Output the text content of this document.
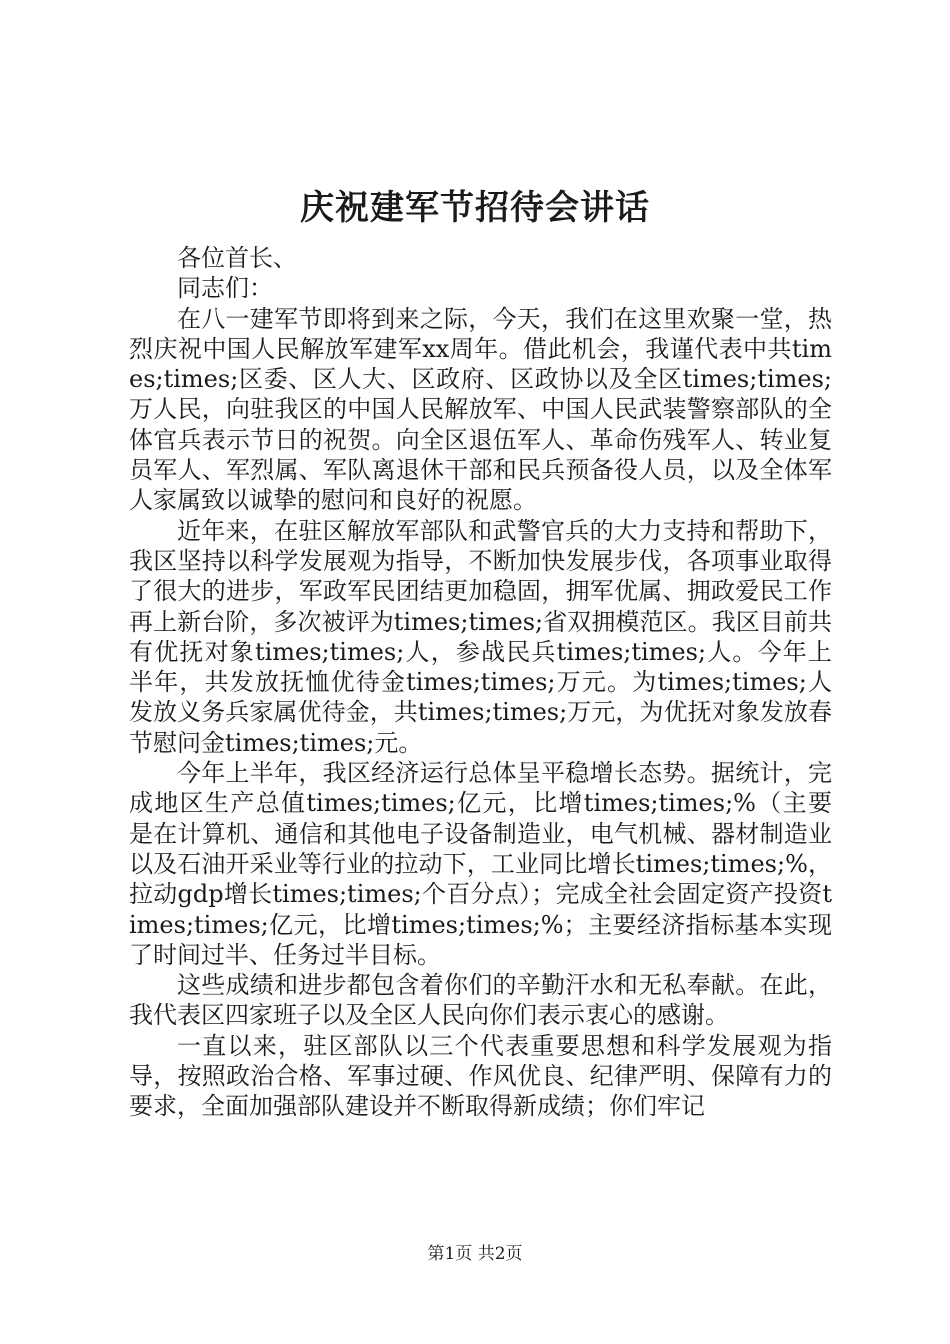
庆祝建军节招待会讲话

各位首长、

同志们：

在八一建军节即将到来之际，今天，我们在这里欢聚一堂，热烈庆祝中国人民解放军建军xx周年。借此机会，我谨代表中共times;times;区委、区人大、区政府、区政协以及全区times;times;万人民，向驻我区的中国人民解放军、中国人民武装警察部队的全体官兵表示节日的祝贺。向全区退伍军人、革命伤残军人、转业复员军人、军烈属、军队离退休干部和民兵预备役人员，以及全体军人家属致以诚挚的慰问和良好的祝愿。

近年来，在驻区解放军部队和武警官兵的大力支持和帮助下，我区坚持以科学发展观为指导，不断加快发展步伐，各项事业取得了很大的进步，军政军民团结更加稳固，拥军优属、拥政爱民工作再上新台阶，多次被评为times;times;省双拥模范区。我区目前共有优抚对象times;times;人，参战民兵times;times;人。今年上半年，共发放抚恤优待金times;times;万元。为times;times;人发放义务兵家属优待金，共times;times;万元，为优抚对象发放春节慰问金times;times;元。

今年上半年，我区经济运行总体呈平稳增长态势。据统计，完成地区生产总值times;times;亿元，比增times;times;%（主要是在计算机、通信和其他电子设备制造业，电气机械、器材制造业以及石油开采业等行业的拉动下，工业同比增长times;times;%，拉动gdp增长times;times;个百分点）；完成全社会固定资产投资times;times;亿元，比增times;times;%；主要经济指标基本实现了时间过半、任务过半目标。

这些成绩和进步都包含着你们的辛勤汗水和无私奉献。在此，我代表区四家班子以及全区人民向你们表示衷心的感谢。

一直以来，驻区部队以三个代表重要思想和科学发展观为指导，按照政治合格、军事过硬、作风优良、纪律严明、保障有力的要求，全面加强部队建设并不断取得新成绩；你们牢记

第1页 共2页
